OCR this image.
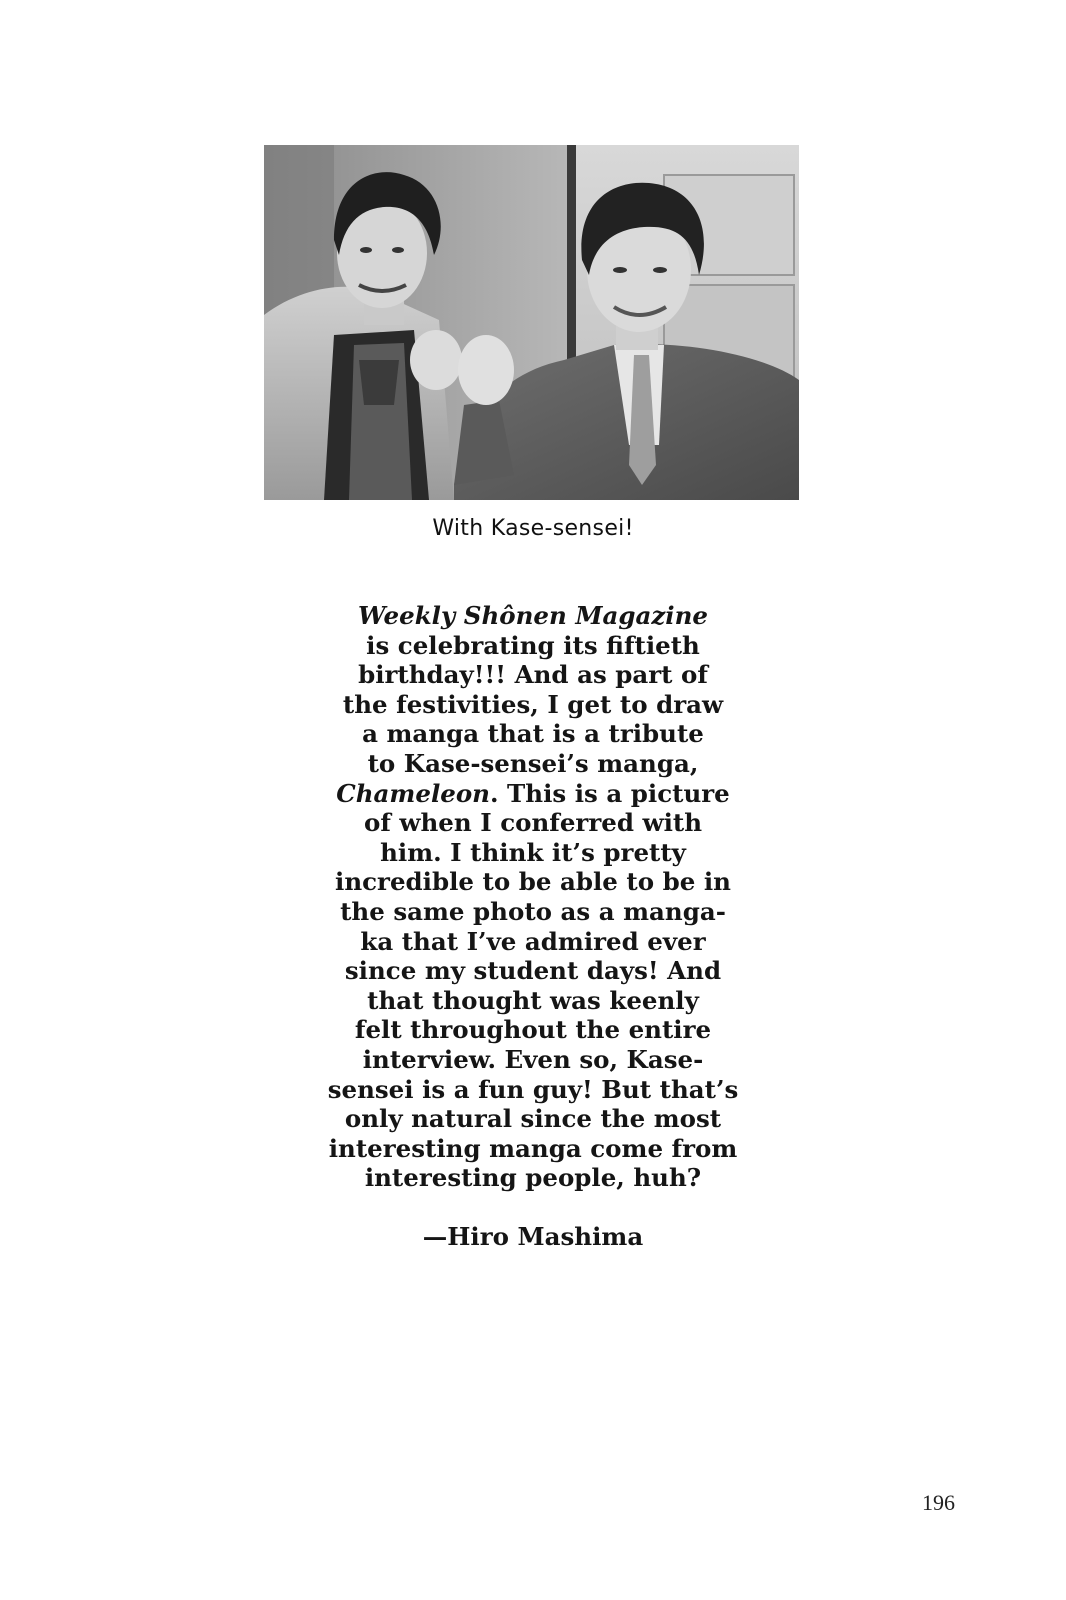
With Kase-sensei!
Weekly Shônen Magazine
is celebrating its fiftieth
birthday!!! And as part of
the festivities, I get to draw
a manga that is a tribute
to Kase-sensei’s manga,
Chameleon. This is a picture
of when I conferred with
him. I think it’s pretty
incredible to be able to be in
the same photo as a manga-
ka that I’ve admired ever
since my student days! And
that thought was keenly
felt throughout the entire
interview. Even so, Kase-
sensei is a fun guy! But that’s
only natural since the most
interesting manga come from
interesting people, huh?
—Hiro Mashima
196
